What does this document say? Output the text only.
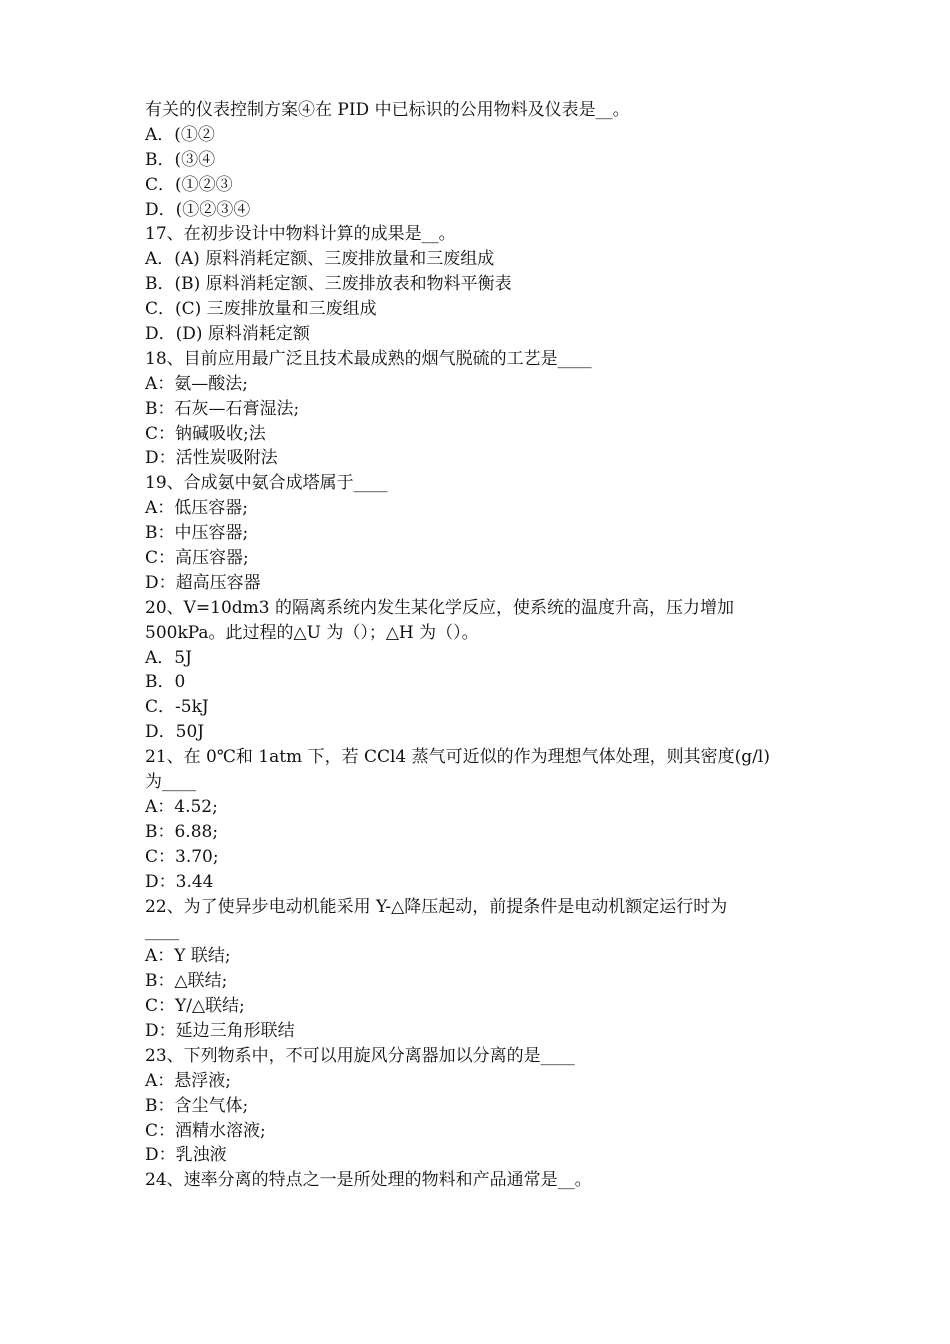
有关的仪表控制方案④在 PID 中已标识的公用物料及仪表是__。
A．(①②
B．(③④
C．(①②③
D．(①②③④
17、在初步设计中物料计算的成果是__。
A．(A) 原料消耗定额、三废排放量和三废组成
B．(B) 原料消耗定额、三废排放表和物料平衡表
C．(C) 三废排放量和三废组成
D．(D) 原料消耗定额
18、目前应用最广泛且技术最成熟的烟气脱硫的工艺是____
A：氨—酸法;
B：石灰—石膏湿法;
C：钠碱吸收;法
D：活性炭吸附法
19、合成氨中氨合成塔属于____
A：低压容器;
B：中压容器;
C：高压容器;
D：超高压容器
20、V=10dm3 的隔离系统内发生某化学反应，使系统的温度升高，压力增加
500kPa。此过程的△U 为（）；△H 为（）。
A．5J
B．0
C．-5kJ
D．50J
21、在 0℃和 1atm 下，若 CCl4 蒸气可近似的作为理想气体处理，则其密度(g/l)
为____
A：4.52;
B：6.88;
C：3.70;
D：3.44
22、为了使异步电动机能采用 Y-△降压起动，前提条件是电动机额定运行时为
____
A：Y 联结;
B：△联结;
C：Y/△联结;
D：延边三角形联结
23、下列物系中，不可以用旋风分离器加以分离的是____
A：悬浮液;
B：含尘气体;
C：酒精水溶液;
D：乳浊液
24、速率分离的特点之一是所处理的物料和产品通常是__。
